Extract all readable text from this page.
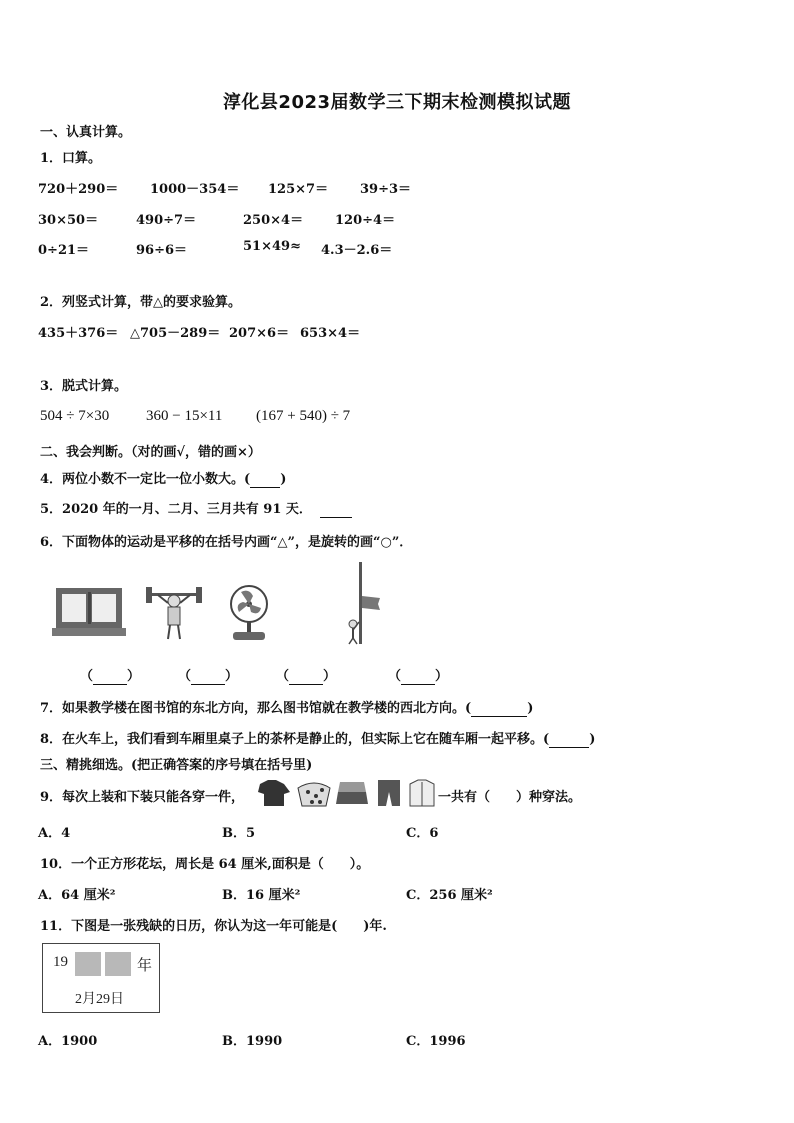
淳化县2023届数学三下期末检测模拟试题
一、认真计算。
1．口算。
720＋290＝ 1000－354＝ 125×7＝ 39÷3＝
30×50＝	490÷7＝	250×4＝ 120÷4＝
0÷21＝	96÷6＝	51×49≈ 4.3－2.6＝
2．列竖式计算，带△的要求验算。
435＋376＝ △705－289＝ 207×6＝ 653×4＝
3．脱式计算。
504 ÷ 7×30 360 − 15×11 (167 + 540) ÷ 7
二、我会判断。（对的画√，错的画×）
4．两位小数不一定比一位小数大。( )
5．2020 年的一月、二月、三月共有 91 天．
6．下面物体的运动是平移的在括号内画“△”，是旋转的画“○”．
（	）	（	）	（	）	（	）
7．如果教学楼在图书馆的东北方向，那么图书馆就在教学楼的西北方向。(	)
8．在火车上，我们看到车厢里桌子上的茶杯是静止的，但实际上它在随车厢一起平移。(	)
三、精挑细选。(把正确答案的序号填在括号里)
9．每次上装和下装只能各穿一件，	一共有（　　）种穿法。
A．4	B．5	C．6
10．一个正方形花坛，周长是 64 厘米,面积是（　　）。
A．64 厘米²	B．16 厘米²	C．256 厘米²
11．下图是一张残缺的日历，你认为这一年可能是(　　)年.
19	年
2月29日
A．1900	B．1990	C．1996
